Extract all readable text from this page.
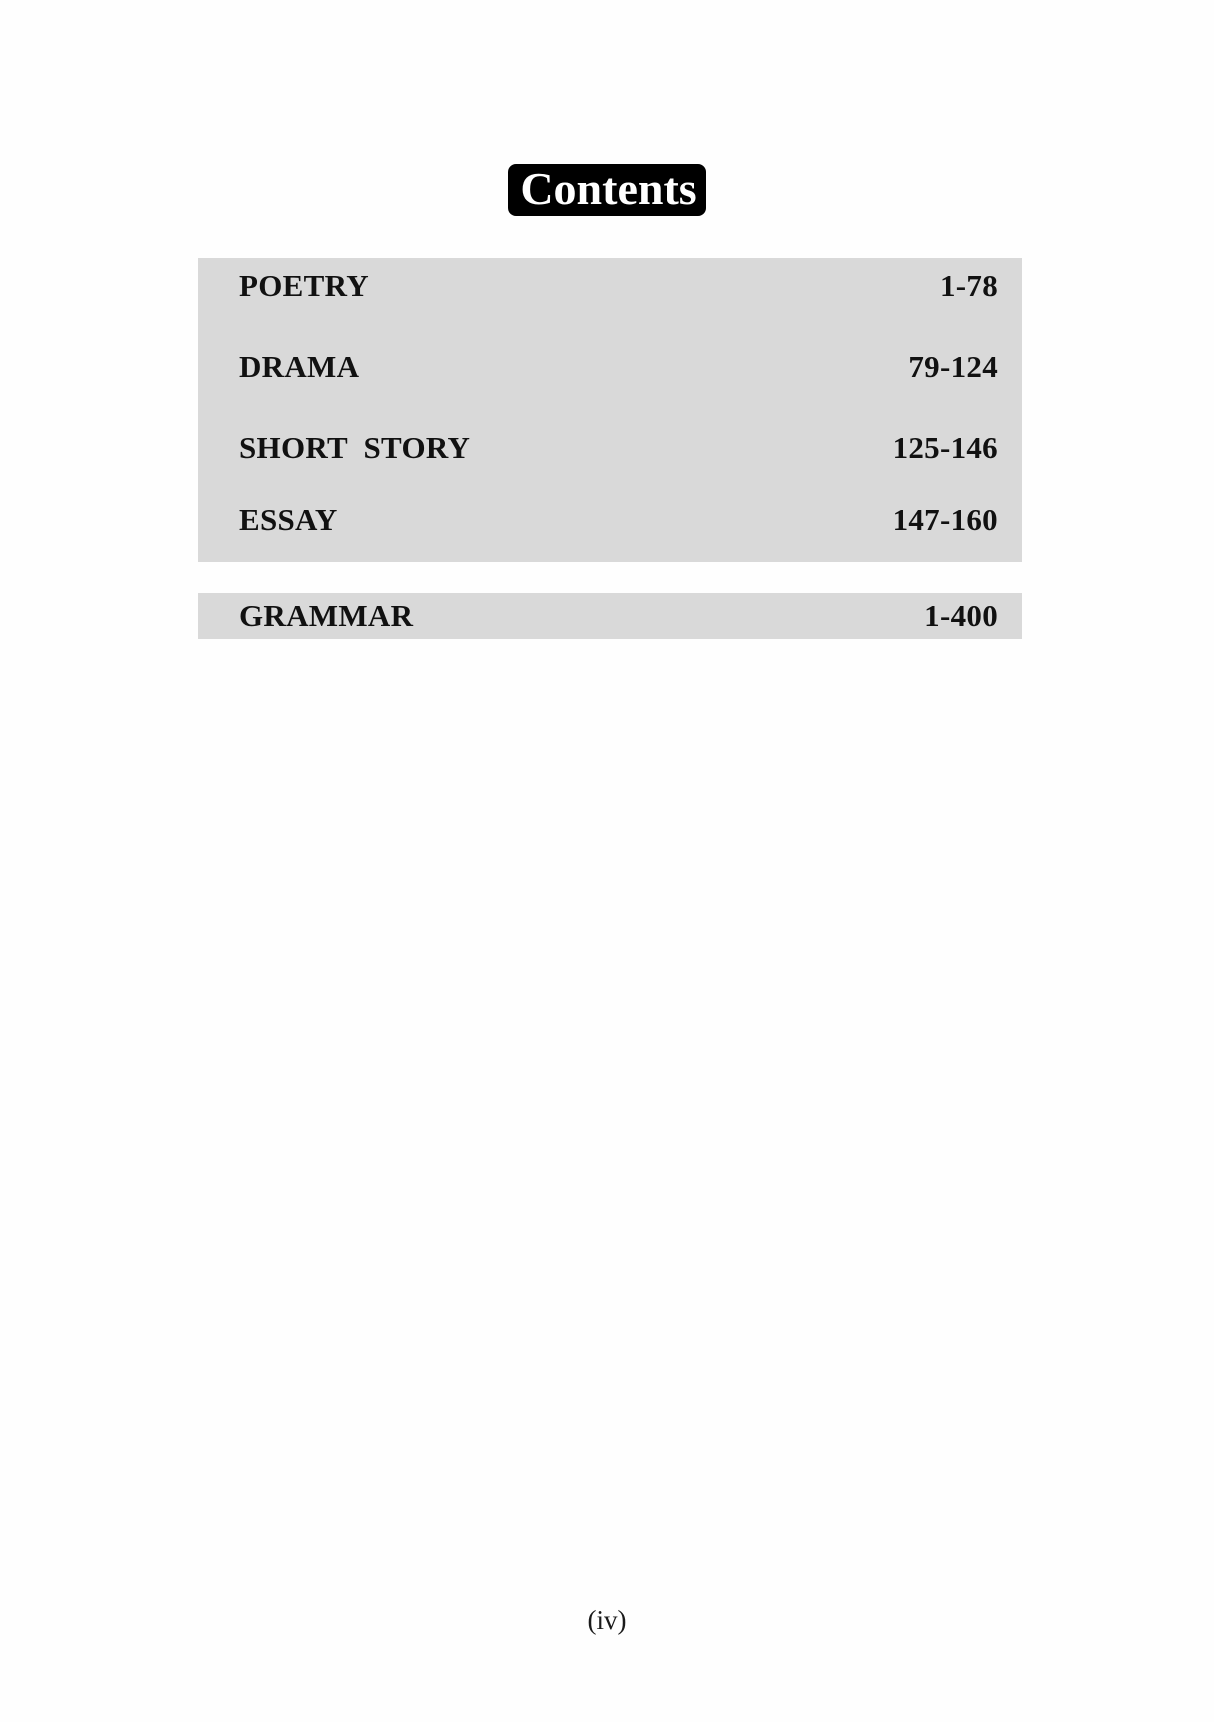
Contents
POETRY	1-78
DRAMA	79-124
SHORT  STORY	125-146
ESSAY	147-160
GRAMMAR	1-400
(iv)
